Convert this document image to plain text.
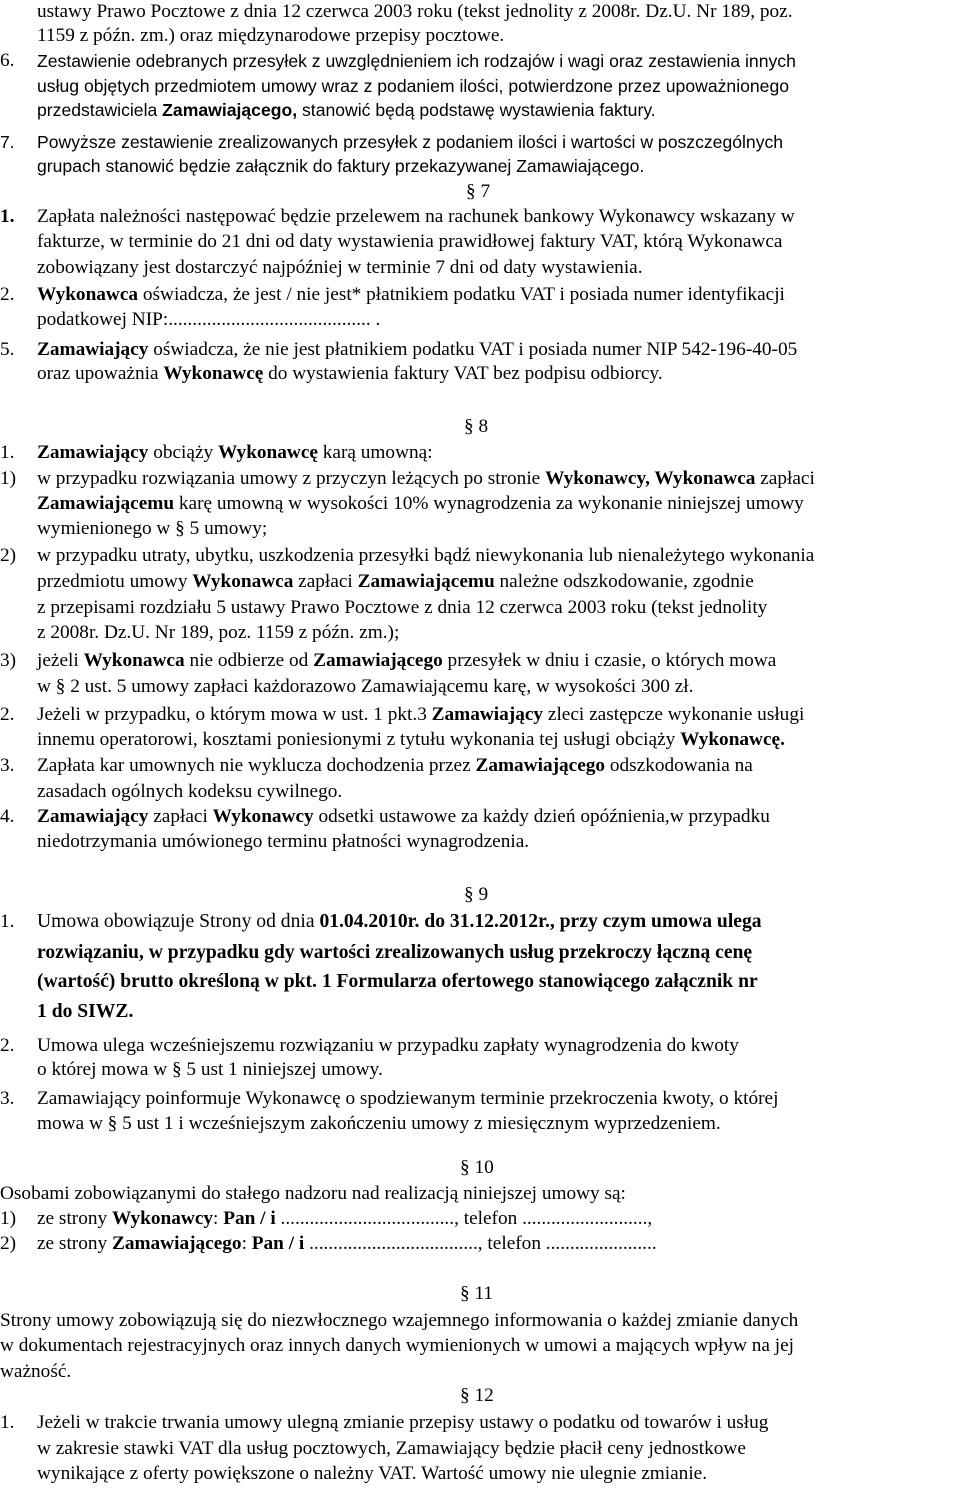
ustawy Prawo Pocztowe z dnia 12 czerwca 2003 roku (tekst jednolity z 2008r. Dz.U. Nr 189, poz.
1159 z późn. zm.) oraz międzynarodowe przepisy pocztowe.
6. Zestawienie odebranych przesyłek z uwzględnieniem ich rodzajów i wagi oraz zestawienia innych
usług objętych przedmiotem umowy wraz z podaniem ilości, potwierdzone przez upoważnionego
przedstawiciela Zamawiającego, stanowić będą podstawę wystawienia faktury.
7. Powyższe zestawienie zrealizowanych przesyłek z podaniem ilości i wartości w poszczególnych
grupach stanowić będzie załącznik do faktury przekazywanej Zamawiającego.
§ 7
1. Zapłata należności następować będzie przelewem na rachunek bankowy Wykonawcy wskazany w
fakturze, w terminie do 21 dni od daty wystawienia prawidłowej faktury VAT, którą Wykonawca
zobowiązany jest dostarczyć najpóźniej w terminie 7 dni od daty wystawienia.
2. Wykonawca oświadcza, że jest / nie jest* płatnikiem podatku VAT i posiada numer identyfikacji
podatkowej NIP:.......................................... .
5. Zamawiający oświadcza, że nie jest płatnikiem podatku VAT i posiada numer NIP 542-196-40-05
oraz upoważnia Wykonawcę do wystawienia faktury VAT bez podpisu odbiorcy.
§ 8
1. Zamawiający obciąży Wykonawcę karą umowną:
1) w przypadku rozwiązania umowy z przyczyn leżących po stronie Wykonawcy, Wykonawca zapłaci
Zamawiającemu karę umowną w wysokości 10% wynagrodzenia za wykonanie niniejszej umowy
wymienionego w § 5 umowy;
2) w przypadku utraty, ubytku, uszkodzenia przesyłki bądź niewykonania lub nienależytego wykonania
przedmiotu umowy Wykonawca zapłaci Zamawiającemu należne odszkodowanie, zgodnie
z przepisami rozdziału 5 ustawy Prawo Pocztowe z dnia 12 czerwca 2003 roku (tekst jednolity
z 2008r. Dz.U. Nr 189, poz. 1159 z późn. zm.);
3) jeżeli Wykonawca nie odbierze od Zamawiającego przesyłek w dniu i czasie, o których mowa
w § 2 ust. 5 umowy zapłaci każdorazowo Zamawiającemu karę, w wysokości 300 zł.
2. Jeżeli w przypadku, o którym mowa w ust. 1 pkt.3 Zamawiający zleci zastępcze wykonanie usługi
innemu operatorowi, kosztami poniesionymi z tytułu wykonania tej usługi obciąży Wykonawcę.
3. Zapłata kar umownych nie wyklucza dochodzenia przez Zamawiającego odszkodowania na
zasadach ogólnych kodeksu cywilnego.
4. Zamawiający zapłaci Wykonawcy odsetki ustawowe za każdy dzień opóźnienia,w przypadku
niedotrzymania umówionego terminu płatności wynagrodzenia.
§ 9
1. Umowa obowiązuje Strony od dnia 01.04.2010r. do 31.12.2012r., przy czym umowa ulega
rozwiązaniu, w przypadku gdy wartości zrealizowanych usług przekroczy łączną cenę
(wartość) brutto określoną w pkt. 1 Formularza ofertowego stanowiącego załącznik nr
1 do SIWZ.
2. Umowa ulega wcześniejszemu rozwiązaniu w przypadku zapłaty wynagrodzenia do kwoty
o której mowa w § 5 ust 1 niniejszej umowy.
3. Zamawiający poinformuje Wykonawcę o spodziewanym terminie przekroczenia kwoty, o której
mowa w § 5 ust 1 i wcześniejszym zakończeniu umowy z miesięcznym wyprzedzeniem.
§ 10
Osobami zobowiązanymi do stałego nadzoru nad realizacją niniejszej umowy są:
1) ze strony Wykonawcy: Pan / i ...................................., telefon ..........................,
2) ze strony Zamawiającego: Pan / i ..................................., telefon .......................
§ 11
Strony umowy zobowiązują się do niezwłocznego wzajemnego informowania o każdej zmianie danych
w dokumentach rejestracyjnych oraz innych danych wymienionych w umowi a mających wpływ na jej
ważność.
§ 12
1. Jeżeli w trakcie trwania umowy ulegną zmianie przepisy ustawy o podatku od towarów i usług
w zakresie stawki VAT dla usług pocztowych, Zamawiający będzie płacił ceny jednostkowe
wynikające z oferty powiększone o należny VAT. Wartość umowy nie ulegnie zmianie.
